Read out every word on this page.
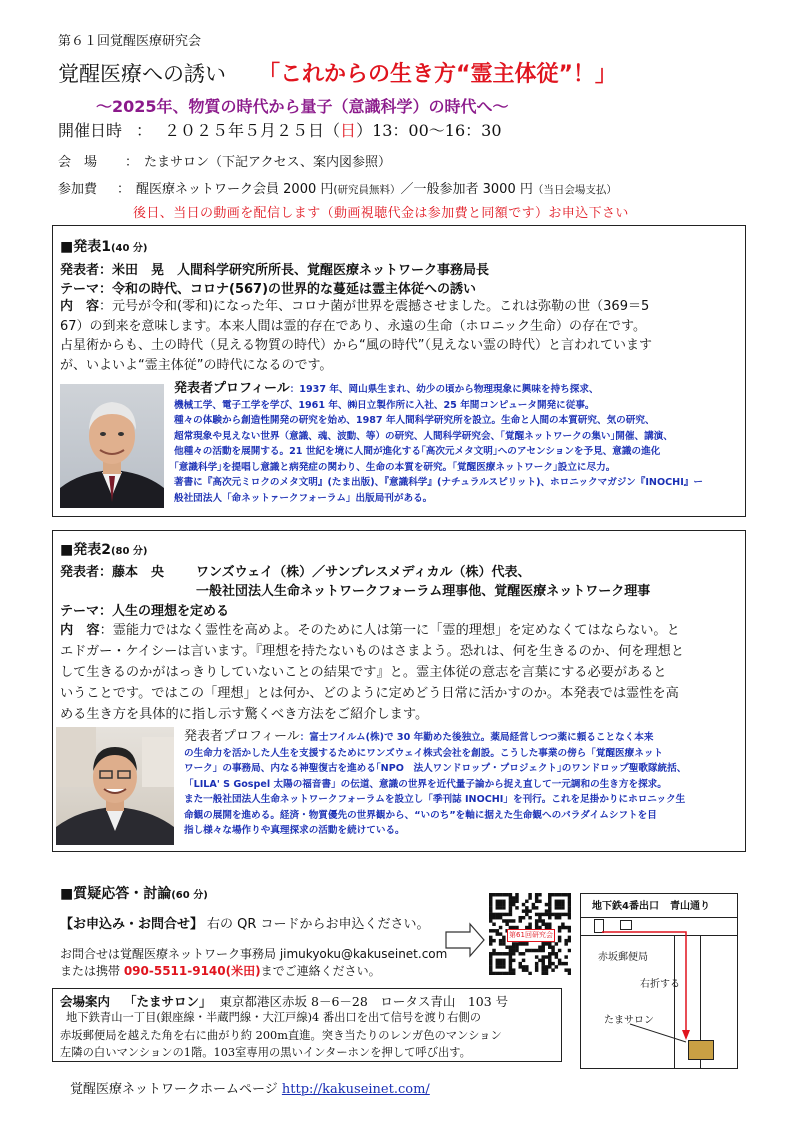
第６１回覚醒医療研究会
覚醒医療への誘い 「これからの生き方“霊主体従”！」
～2025年、物質の時代から量子（意識科学）の時代へ～
開催日時 ： ２０２５年５月２５日（日）13：00～16：30
会　場 ： たまサロン（下記アクセス、案内図参照）
参加費 ： 醒医療ネットワーク会員 2000 円(研究員無料）／一般参加者 3000 円（当日会場支払）
後日、当日の動画を配信します（動画視聴代金は参加費と同額です）お申込下さい
■発表1(40 分)
発表者：米田　晃　人間科学研究所所長、覚醒医療ネットワーク事務局長
テーマ：令和の時代、コロナ(567)の世界的な蔓延は霊主体従への誘い
内　容：元号が令和(零和)になった年、コロナ菌が世界を震撼させました。これは弥勒の世（369＝5
67）の到来を意味します。本来人間は霊的存在であり、永遠の生命（ホロニック生命）の存在です。
占星術からも、土の時代（見える物質の時代）から“風の時代”（見えない霊の時代）と言われています
が、いよいよ“霊主体従”の時代になるのです。
発表者プロフィール：1937 年、岡山県生まれ、幼少の頃から物理現象に興味を持ち探求、
機械工学、電子工学を学び、1961 年、㈱日立製作所に入社、25 年間コンピュータ開発に従事。
種々の体験から創造性開発の研究を始め、1987 年人間科学研究所を設立。生命と人間の本質研究、気の研究、
超常現象や見えない世界（意識、魂、波動、等）の研究、人間科学研究会、｢覚醒ネットワークの集い｣開催、講演、
他種々の活動を展開する。21 世紀を境に人間が進化する｢高次元メタ文明｣へのアセンションを予見、意識の進化
｢意識科学｣を提唱し意識と病発症の関わり、生命の本質を研究。｢覚醒医療ネットワーク｣設立に尽力。
著書に『高次元ミロクのメタ文明』(たま出版)、『意識科学』(ナチュラルスピリット)、ホロニックマガジン『INOCHI』ー
般社団法人「命ネットァークフォーラム」出版局刊がある。
■発表2(80 分)
発表者：藤本　央 ワンズウェイ（株）／サンプレスメディカル（株）代表、
一般社団法人生命ネットワークフォーラム理事他、覚醒医療ネットワーク理事
テーマ：人生の理想を定める
内　容：霊能力ではなく霊性を高めよ。そのために人は第一に「霊的理想」を定めなくてはならない。と
エドガー・ケイシーは言います。『理想を持たないものはさまよう。恐れは、何を生きるのか、何を理想と
して生きるのかがはっきりしていないことの結果です』と。霊主体従の意志を言葉にする必要があると
いうことです。ではこの「理想」とは何か、どのように定めどう日常に活かすのか。本発表では霊性を高
める生き方を具体的に指し示す驚くべき方法をご紹介します。
発表者プロフィール：富士フイルム(株)で 30 年勤めた後独立。薬局経営しつつ薬に頼ることなく本来
の生命力を活かした人生を支援するためにワンズウェイ株式会社を創設。こうした事業の傍ら「覚醒医療ネット
ワーク」の事務局、内なる神聖復古を進める｢NPO　法人ワンドロップ・プロジェクト｣のワンドロップ聖歌隊統括、
「LILA' S Gospel 太陽の福音書」の伝道、意識の世界を近代量子論から捉え直して一元調和の生き方を探求。
また一般社団法人生命ネットワークフォーラムを設立し「季刊誌 INOCHI」を刊行。これを足掛かりにホロニック生
命観の展開を進める。経済・物質優先の世界観から、“いのち”を軸に据えた生命観へのパラダイムシフトを目
指し様々な場作りや真理探求の活動を続けている。
■質疑応答・討論(60 分)
【お申込み・お問合せ】 右の QR コードからお申込ください。
お問合せは覚醒医療ネットワーク事務局 jimukyoku@kakuseinet.com
または携帯 090-5511-9140(米田)までご連絡ください。
第61回研究会
会場案内 「たまサロン」 東京都港区赤坂 8－6－28　ロータス青山　103 号
地下鉄青山一丁目(銀座線・半蔵門線・大江戸線)4 番出口を出て信号を渡り右側の
赤坂郵便局を越えた角を右に曲がり約 200m直進。突き当たりのレンガ色のマンション
左隣の白いマンションの1階。103室専用の黒いインターホンを押して呼び出す。
地下鉄4番出口 青山通り
赤坂郵便局
右折する
たまサロン
覚醒医療ネットワークホームページ http://kakuseinet.com/
